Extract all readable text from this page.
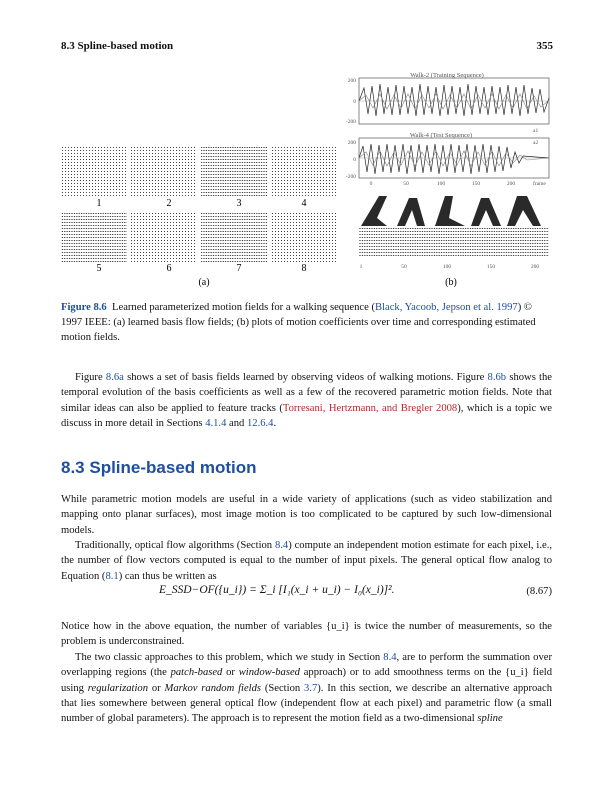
8.3 Spline-based motion	355
1	2	3	4
5	6	7	8
Walk-2 (Training Sequence)
200
0
-200
a1
Walk-4 (Test Sequence)
a2
200
0
-200
0	50	100	150	200	frame
1	50	100	150	200
(a)	(b)
Figure 8.6 Learned parameterized motion fields for a walking sequence (Black, Yacoob, Jepson et al. 1997) © 1997 IEEE: (a) learned basis flow fields; (b) plots of motion coefficients over time and corresponding estimated motion fields.
Figure 8.6a shows a set of basis fields learned by observing videos of walking motions. Figure 8.6b shows the temporal evolution of the basis coefficients as well as a few of the recovered parametric motion fields. Note that similar ideas can also be applied to feature tracks (Torresani, Hertzmann, and Bregler 2008), which is a topic we discuss in more detail in Sections 4.1.4 and 12.6.4.
8.3 Spline-based motion
While parametric motion models are useful in a wide variety of applications (such as video stabilization and mapping onto planar surfaces), most image motion is too complicated to be captured by such low-dimensional models.
Traditionally, optical flow algorithms (Section 8.4) compute an independent motion estimate for each pixel, i.e., the number of flow vectors computed is equal to the number of input pixels. The general optical flow analog to Equation (8.1) can thus be written as
E_SSD−OF({u_i}) = Σ_i [I₁(x_i + u_i) − I₀(x_i)]².	(8.67)
Notice how in the above equation, the number of variables {u_i} is twice the number of measurements, so the problem is underconstrained.
The two classic approaches to this problem, which we study in Section 8.4, are to perform the summation over overlapping regions (the patch-based or window-based approach) or to add smoothness terms on the {u_i} field using regularization or Markov random fields (Section 3.7). In this section, we describe an alternative approach that lies somewhere between general optical flow (independent flow at each pixel) and parametric flow (a small number of global parameters). The approach is to represent the motion field as a two-dimensional spline
